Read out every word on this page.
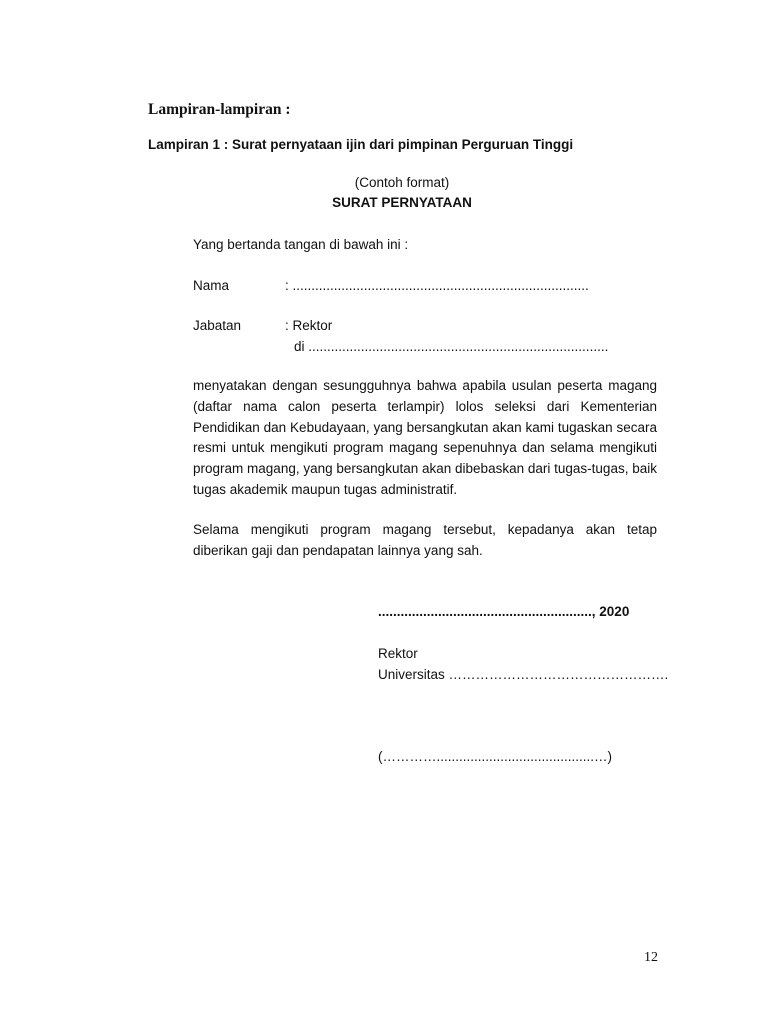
Lampiran-lampiran :
Lampiran 1 : Surat pernyataan ijin dari pimpinan Perguruan Tinggi
(Contoh format)
SURAT PERNYATAAN
Yang bertanda tangan di bawah ini :
Nama	: ...............................................................................
Jabatan	: Rektor
di ................................................................................
menyatakan dengan sesungguhnya bahwa apabila usulan peserta magang (daftar nama calon peserta terlampir) lolos seleksi dari Kementerian Pendidikan dan Kebudayaan, yang bersangkutan akan kami tugaskan secara resmi untuk mengikuti program magang sepenuhnya dan selama mengikuti program magang, yang bersangkutan akan dibebaskan dari tugas-tugas, baik tugas akademik maupun tugas administratif.
Selama mengikuti program magang tersebut, kepadanya akan tetap diberikan gaji dan pendapatan lainnya yang sah.
........................................................., 2020
Rektor
Universitas ………………………………………….
(…………..........................................…)
12
